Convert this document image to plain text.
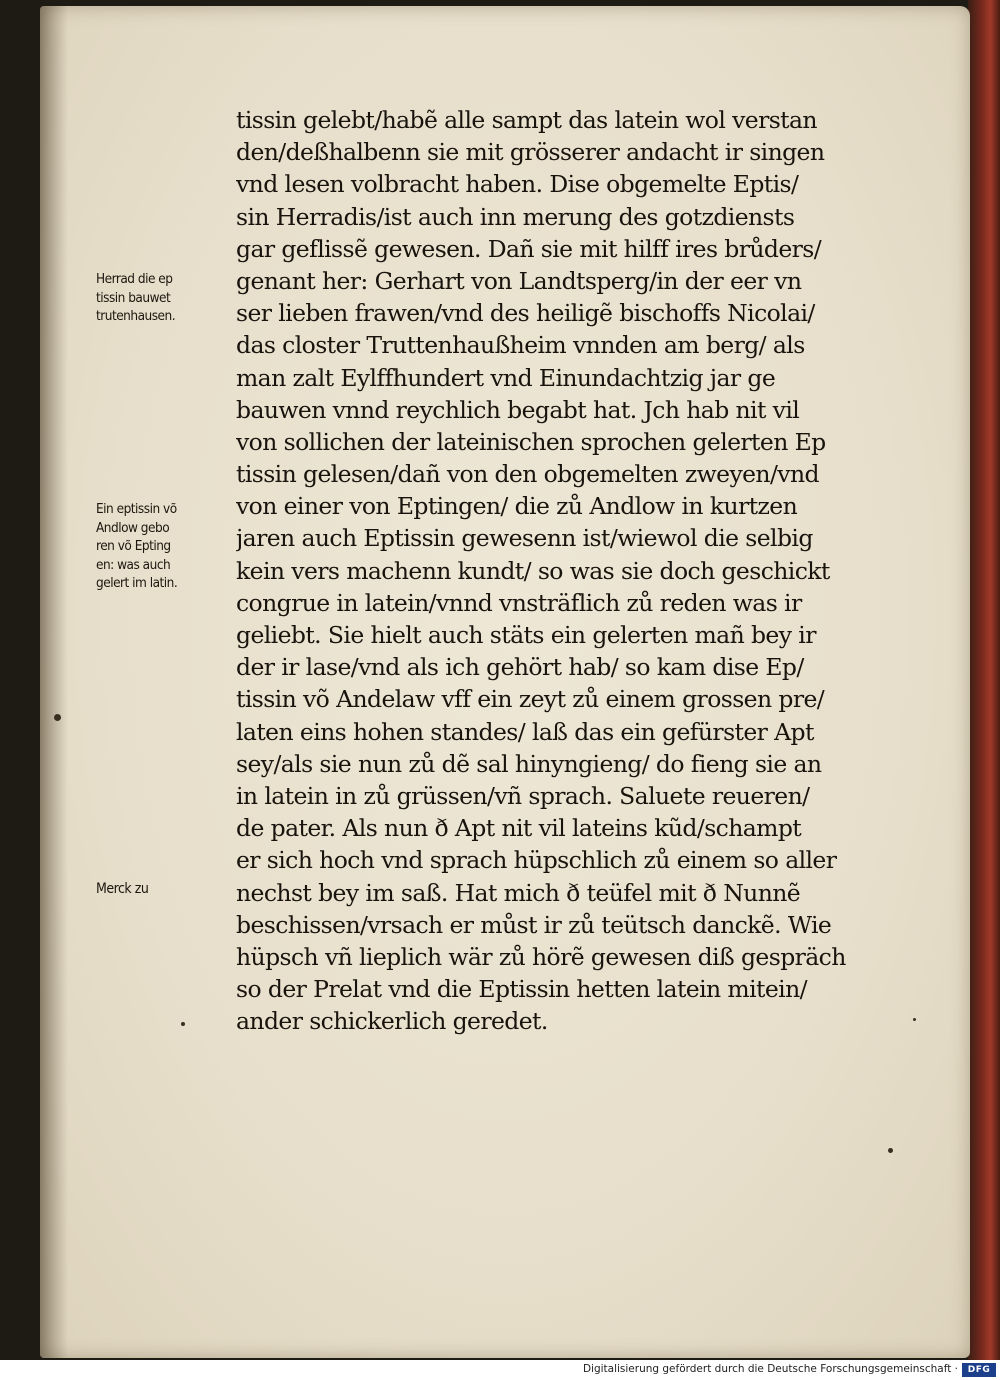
Herrad die ep
tissin bauwet
trutenhausen.
Ein eptissin võ
Andlow gebo
ren võ Epting
en: was auch
gelert im latin.
Merck zu
tissin gelebt/habẽ alle sampt das latein wol verstan
den/deßhalbenn sie mit grösserer andacht ir singen
vnd lesen volbracht haben. Dise obgemelte Eptis/
sin Herradis/ist auch inn merung des gotzdiensts
gar geflissẽ gewesen. Dañ sie mit hilff ires brůders/
genant her: Gerhart von Landtsperg/in der eer vn
ser lieben frawen/vnd des heiligẽ bischoffs Nicolai/
das closter Truttenhaußheim vnnden am berg/ als
man zalt Eylffhundert vnd Einundachtzig jar ge
bauwen vnnd reychlich begabt hat. Jch hab nit vil
von sollichen der lateinischen sprochen gelerten Ep
tissin gelesen/dañ von den obgemelten zweyen/vnd
von einer von Eptingen/ die zů Andlow in kurtzen
jaren auch Eptissin gewesenn ist/wiewol die selbig
kein vers machenn kundt/ so was sie doch geschickt
congrue in latein/vnnd vnsträflich zů reden was ir
geliebt. Sie hielt auch stäts ein gelerten mañ bey ir
der ir lase/vnd als ich gehört hab/ so kam dise Ep/
tissin võ Andelaw vff ein zeyt zů einem grossen pre/
laten eins hohen standes/ laß das ein gefürster Apt
sey/als sie nun zů dẽ sal hinyngieng/ do fieng sie an
in latein in zů grüssen/vñ sprach. Saluete reueren/
de pater. Als nun ð Apt nit vil lateins kũd/schampt
er sich hoch vnd sprach hüpschlich zů einem so aller
nechst bey im saß. Hat mich ð teüfel mit ð Nunnẽ
beschissen/vrsach er můst ir zů teütsch danckẽ. Wie
hüpsch vñ lieplich wär zů hörẽ gewesen diß gespräch
so der Prelat vnd die Eptissin hetten latein mitein/
ander schickerlich geredet.
Digitalisierung gefördert durch die Deutsche Forschungsgemeinschaft ·	DFG
